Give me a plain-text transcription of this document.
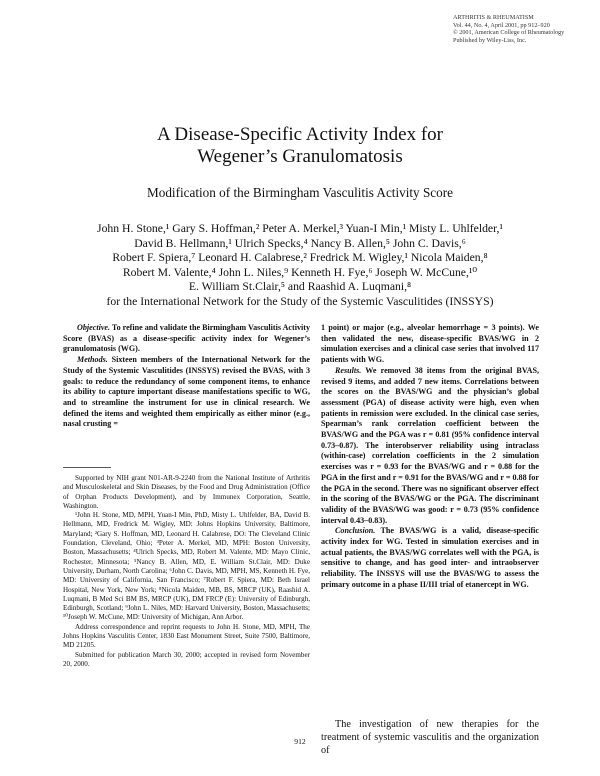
ARTHRITIS & RHEUMATISM
Vol. 44, No. 4, April 2001, pp 912–920
© 2001, American College of Rheumatology
Published by Wiley-Liss, Inc.
A Disease-Specific Activity Index for
Wegener’s Granulomatosis
Modification of the Birmingham Vasculitis Activity Score
John H. Stone,¹ Gary S. Hoffman,² Peter A. Merkel,³ Yuan-I Min,¹ Misty L. Uhlfelder,¹
David B. Hellmann,¹ Ulrich Specks,⁴ Nancy B. Allen,⁵ John C. Davis,⁶
Robert F. Spiera,⁷ Leonard H. Calabrese,² Fredrick M. Wigley,¹ Nicola Maiden,⁸
Robert M. Valente,⁴ John L. Niles,⁹ Kenneth H. Fye,⁶ Joseph W. McCune,¹⁰
E. William St.Clair,⁵ and Raashid A. Luqmani,⁸
for the International Network for the Study of the Systemic Vasculitides (INSSYS)

Objective. To refine and validate the Birmingham Vasculitis Activity Score (BVAS) as a disease-specific activity index for Wegener’s granulomatosis (WG).

Methods. Sixteen members of the International Network for the Study of the Systemic Vasculitides (INSSYS) revised the BVAS, with 3 goals: to reduce the redundancy of some component items, to enhance its ability to capture important disease manifestations specific to WG, and to streamline the instrument for use in clinical research. We defined the items and weighted them empirically as either minor (e.g., nasal crusting =

1 point) or major (e.g., alveolar hemorrhage = 3 points). We then validated the new, disease-specific BVAS/WG in 2 simulation exercises and a clinical case series that involved 117 patients with WG.

Results. We removed 38 items from the original BVAS, revised 9 items, and added 7 new items. Correlations between the scores on the BVAS/WG and the physician’s global assessment (PGA) of disease activity were high, even when patients in remission were excluded. In the clinical case series, Spearman’s rank correlation coefficient between the BVAS/WG and the PGA was r = 0.81 (95% confidence interval 0.73–0.87). The interobserver reliability using intraclass (within-case) correlation coefficients in the 2 simulation exercises was r = 0.93 for the BVAS/WG and r = 0.88 for the PGA in the first and r = 0.91 for the BVAS/WG and r = 0.88 for the PGA in the second. There was no significant observer effect in the scoring of the BVAS/WG or the PGA. The discriminant validity of the BVAS/WG was good: r = 0.73 (95% confidence interval 0.43–0.83).

Conclusion. The BVAS/WG is a valid, disease-specific activity index for WG. Tested in simulation exercises and in actual patients, the BVAS/WG correlates well with the PGA, is sensitive to change, and has good inter- and intraobserver reliability. The INSSYS will use the BVAS/WG to assess the primary outcome in a phase II/III trial of etanercept in WG.

Supported by NIH grant N01-AR-9-2240 from the National Institute of Arthritis and Musculoskeletal and Skin Diseases, by the Food and Drug Administration (Office of Orphan Products Development), and by Immunex Corporation, Seattle, Washington.

¹John H. Stone, MD, MPH, Yuan-I Min, PhD, Misty L. Uhlfelder, BA, David B. Hellmann, MD, Fredrick M. Wigley, MD: Johns Hopkins University, Baltimore, Maryland; ²Gary S. Hoffman, MD, Leonard H. Calabrese, DO: The Cleveland Clinic Foundation, Cleveland, Ohio; ³Peter A. Merkel, MD, MPH: Boston University, Boston, Massachusetts; ⁴Ulrich Specks, MD, Robert M. Valente, MD: Mayo Clinic, Rochester, Minnesota; ⁵Nancy B. Allen, MD, E. William St.Clair, MD: Duke University, Durham, North Carolina; ⁶John C. Davis, MD, MPH, MS, Kenneth H. Fye, MD: University of California, San Francisco; ⁷Robert F. Spiera, MD: Beth Israel Hospital, New York, New York; ⁸Nicola Maiden, MB, BS, MRCP (UK), Raashid A. Luqmani, B Med Sci BM BS, MRCP (UK), DM FRCP (E): University of Edinburgh, Edinburgh, Scotland; ⁹John L. Niles, MD: Harvard University, Boston, Massachusetts; ¹⁰Joseph W. McCune, MD: University of Michigan, Ann Arbor.

Address correspondence and reprint requests to John H. Stone, MD, MPH, The Johns Hopkins Vasculitis Center, 1830 East Monument Street, Suite 7500, Baltimore, MD 21205.

Submitted for publication March 30, 2000; accepted in revised form November 20, 2000.

The investigation of new therapies for the treatment of systemic vasculitis and the organization of

912
